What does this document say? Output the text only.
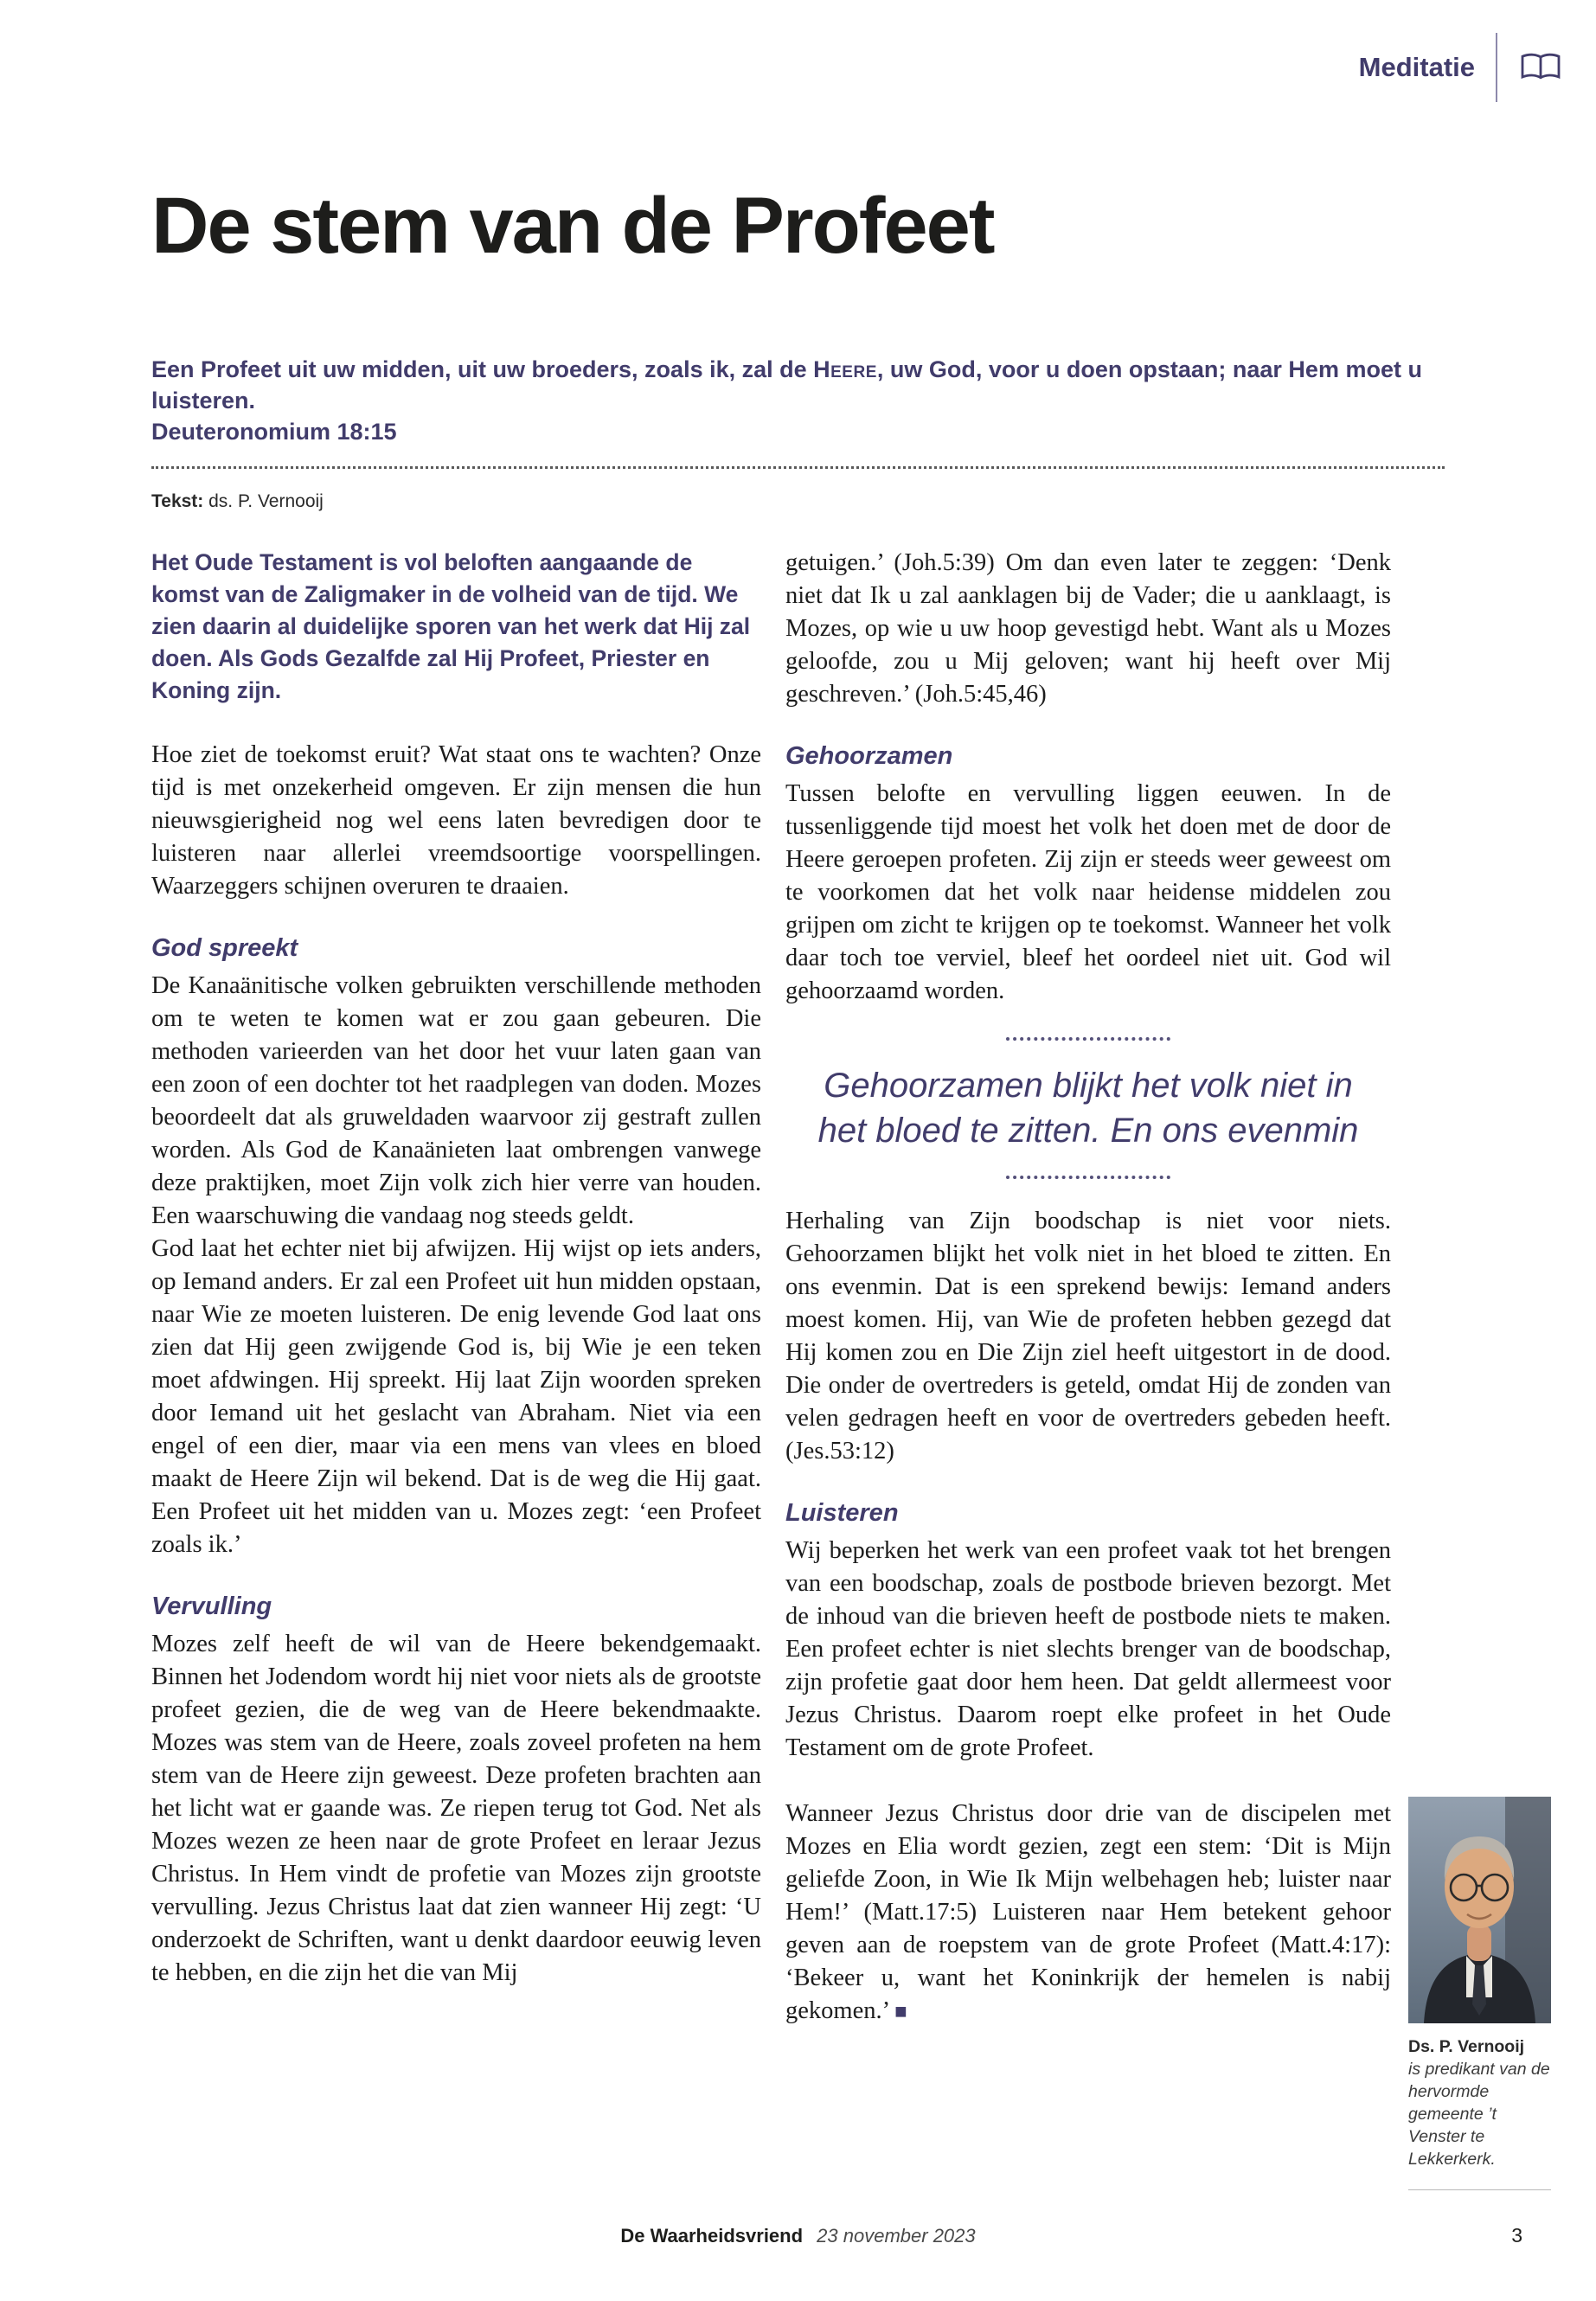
Meditatie
De stem van de Profeet
Een Profeet uit uw midden, uit uw broeders, zoals ik, zal de Heere, uw God, voor u doen opstaan; naar Hem moet u luisteren.
Deuteronomium 18:15
Tekst: ds. P. Vernooij

Het Oude Testament is vol beloften aangaande de komst van de Zaligmaker in de volheid van de tijd. We zien daarin al duidelijke sporen van het werk dat Hij zal doen. Als Gods Gezalfde zal Hij Profeet, Priester en Koning zijn.

Hoe ziet de toekomst eruit? Wat staat ons te wachten? Onze tijd is met onzekerheid omgeven. Er zijn mensen die hun nieuwsgierigheid nog wel eens laten bevredigen door te luisteren naar allerlei vreemdsoortige voorspellingen. Waarzeggers schijnen overuren te draaien.

God spreekt

De Kanaänitische volken gebruikten verschillende methoden om te weten te komen wat er zou gaan gebeuren. Die methoden varieerden van het door het vuur laten gaan van een zoon of een dochter tot het raadplegen van doden. Mozes beoordeelt dat als gruweldaden waarvoor zij gestraft zullen worden. Als God de Kanaänieten laat ombrengen vanwege deze praktijken, moet Zijn volk zich hier verre van houden. Een waarschuwing die vandaag nog steeds geldt.

God laat het echter niet bij afwijzen. Hij wijst op iets anders, op Iemand anders. Er zal een Profeet uit hun midden opstaan, naar Wie ze moeten luisteren. De enig levende God laat ons zien dat Hij geen zwijgende God is, bij Wie je een teken moet afdwingen. Hij spreekt. Hij laat Zijn woorden spreken door Iemand uit het geslacht van Abraham. Niet via een engel of een dier, maar via een mens van vlees en bloed maakt de Heere Zijn wil bekend. Dat is de weg die Hij gaat. Een Profeet uit het midden van u. Mozes zegt: ‘een Profeet zoals ik.’

Vervulling

Mozes zelf heeft de wil van de Heere bekendgemaakt. Binnen het Jodendom wordt hij niet voor niets als de grootste profeet gezien, die de weg van de Heere bekendmaakte. Mozes was stem van de Heere, zoals zoveel profeten na hem stem van de Heere zijn geweest. Deze profeten brachten aan het licht wat er gaande was. Ze riepen terug tot God. Net als Mozes wezen ze heen naar de grote Profeet en leraar Jezus Christus. In Hem vindt de profetie van Mozes zijn grootste vervulling. Jezus Christus laat dat zien wanneer Hij zegt: ‘U onderzoekt de Schriften, want u denkt daardoor eeuwig leven te hebben, en die zijn het die van Mij

getuigen.’ (Joh.5:39) Om dan even later te zeggen: ‘Denk niet dat Ik u zal aanklagen bij de Vader; die u aanklaagt, is Mozes, op wie u uw hoop gevestigd hebt. Want als u Mozes geloofde, zou u Mij geloven; want hij heeft over Mij geschreven.’ (Joh.5:45,46)

Gehoorzamen

Tussen belofte en vervulling liggen eeuwen. In de tussenliggende tijd moest het volk het doen met de door de Heere geroepen profeten. Zij zijn er steeds weer geweest om te voorkomen dat het volk naar heidense middelen zou grijpen om zicht te krijgen op te toekomst. Wanneer het volk daar toch toe verviel, bleef het oordeel niet uit. God wil gehoorzaamd worden.

Gehoorzamen blijkt het volk niet in het bloed te zitten. En ons evenmin

Herhaling van Zijn boodschap is niet voor niets. Gehoorzamen blijkt het volk niet in het bloed te zitten. En ons evenmin. Dat is een sprekend bewijs: Iemand anders moest komen. Hij, van Wie de profeten hebben gezegd dat Hij komen zou en Die Zijn ziel heeft uitgestort in de dood. Die onder de overtreders is geteld, omdat Hij de zonden van velen gedragen heeft en voor de overtreders gebeden heeft. (Jes.53:12)

Luisteren

Wij beperken het werk van een profeet vaak tot het brengen van een boodschap, zoals de postbode brieven bezorgt. Met de inhoud van die brieven heeft de postbode niets te maken. Een profeet echter is niet slechts brenger van de boodschap, zijn profetie gaat door hem heen. Dat geldt allermeest voor Jezus Christus. Daarom roept elke profeet in het Oude Testament om de grote Profeet.

Wanneer Jezus Christus door drie van de discipelen met Mozes en Elia wordt gezien, zegt een stem: ‘Dit is Mijn geliefde Zoon, in Wie Ik Mijn welbehagen heb; luister naar Hem!’ (Matt.17:5) Luisteren naar Hem betekent gehoor geven aan de roepstem van de grote Profeet (Matt.4:17): ‘Bekeer u, want het Koninkrijk der hemelen is nabij gekomen.’ ■

Ds. P. Vernooij
is predikant van de hervormde gemeente ’t Venster te Lekkerkerk.
De Waarheidsvriend 23 november 2023	3
